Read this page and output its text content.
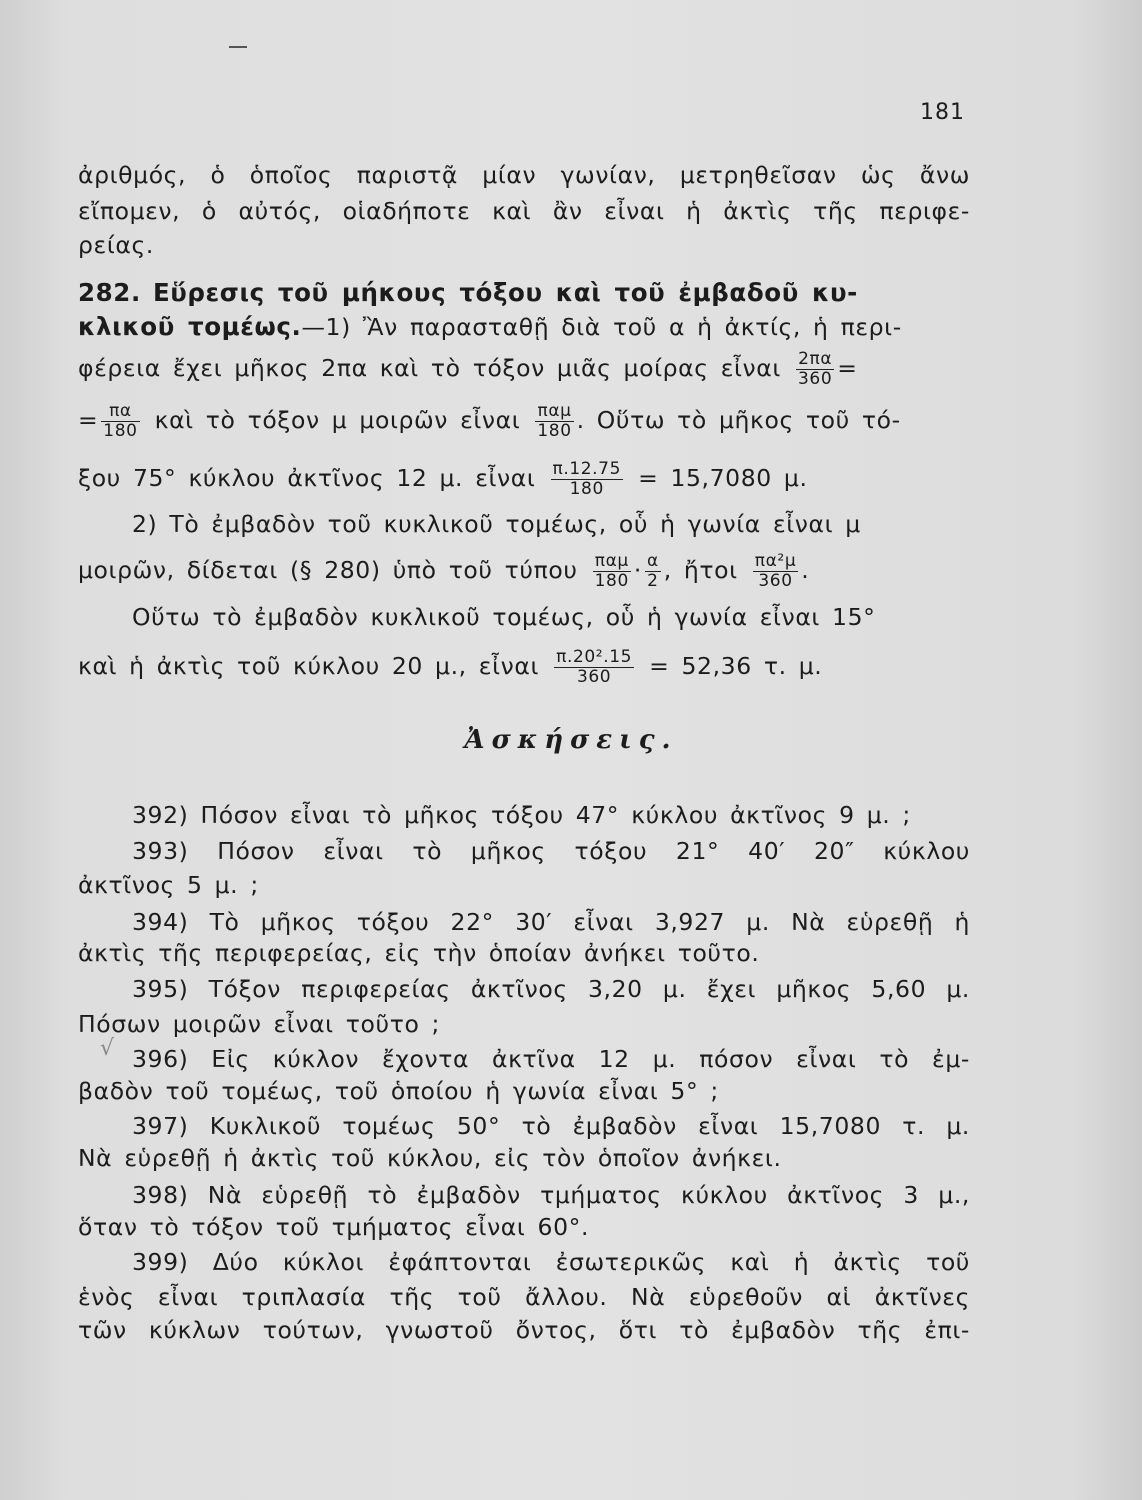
181
ἀριθμός, ὁ ὁποῖος παριστᾷ μίαν γωνίαν, μετρηθεῖσαν ὡς ἄνω
εἴπομεν, ὁ αὐτός, οἱαδήποτε καὶ ἂν εἶναι ἡ ἀκτὶς τῆς περιφε-
ρείας.
282. Εὕρεσις τοῦ μήκους τόξου καὶ τοῦ ἐμβαδοῦ κυ-
κλικοῦ τομέως.—1) Ἂν παρασταθῇ διὰ τοῦ α ἡ ἀκτίς, ἡ περι-
φέρεια ἔχει μῆκος 2πα καὶ τὸ τόξον μιᾶς μοίρας εἶναι $\frac{2\pi\alpha}{360}$ =
= $\frac{\pi\alpha}{180}$ καὶ τὸ τόξον μ μοιρῶν εἶναι $\frac{\text{παμ}}{180}$ . Οὕτω τὸ μῆκος τοῦ τό-
ξου 75° κύκλου ἀκτῖνος 12 μ. εἶναι $\frac{\pi.12.75}{180} = 15,7080$ μ.
2) Τὸ ἐμβαδὸν τοῦ κυκλικοῦ τομέως, οὗ ἡ γωνία εἶναι μ
μοιρῶν, δίδεται (§ 280) ὑπὸ τοῦ τύπου $\frac{\text{παμ}}{180} \cdot \frac{\alpha}{2}$ , ἤτοι $\frac{\text{πα²μ}}{360}$ .
Οὕτω τὸ ἐμβαδὸν κυκλικοῦ τομέως, οὗ ἡ γωνία εἶναι 15°
καὶ ἡ ἀκτὶς τοῦ κύκλου 20 μ., εἶναι $\frac{\text{π.20².15}}{360} = 52,36$ τ. μ.
Ἀσκήσεις.
392) Πόσον εἶναι τὸ μῆκος τόξου 47° κύκλου ἀκτῖνος 9 μ. ;
393) Πόσον εἶναι τὸ μῆκος τόξου 21° 40′ 20″ κύκλου
ἀκτῖνος 5 μ. ;
394) Τὸ μῆκος τόξου 22° 30′ εἶναι 3,927 μ. Νὰ εὑρεθῇ ἡ
ἀκτὶς τῆς περιφερείας, εἰς τὴν ὁποίαν ἀνήκει τοῦτο.
395) Τόξον περιφερείας ἀκτῖνος 3,20 μ. ἔχει μῆκος 5,60 μ.
Πόσων μοιρῶν εἶναι τοῦτο ;
396) Εἰς κύκλον ἔχοντα ἀκτῖνα 12 μ. πόσον εἶναι τὸ ἐμ-
βαδὸν τοῦ τομέως, τοῦ ὁποίου ἡ γωνία εἶναι 5° ;
397) Κυκλικοῦ τομέως 50° τὸ ἐμβαδὸν εἶναι 15,7080 τ. μ.
Νὰ εὑρεθῇ ἡ ἀκτὶς τοῦ κύκλου, εἰς τὸν ὁποῖον ἀνήκει.
398) Νὰ εὑρεθῇ τὸ ἐμβαδὸν τμήματος κύκλου ἀκτῖνος 3 μ.,
ὅταν τὸ τόξον τοῦ τμήματος εἶναι 60°.
399) Δύο κύκλοι ἐφάπτονται ἐσωτερικῶς καὶ ἡ ἀκτὶς τοῦ
ἑνὸς εἶναι τριπλασία τῆς τοῦ ἄλλου. Νὰ εὑρεθοῦν αἱ ἀκτῖνες
τῶν κύκλων τούτων, γνωστοῦ ὄντος, ὅτι τὸ ἐμβαδὸν τῆς ἐπι-
√
